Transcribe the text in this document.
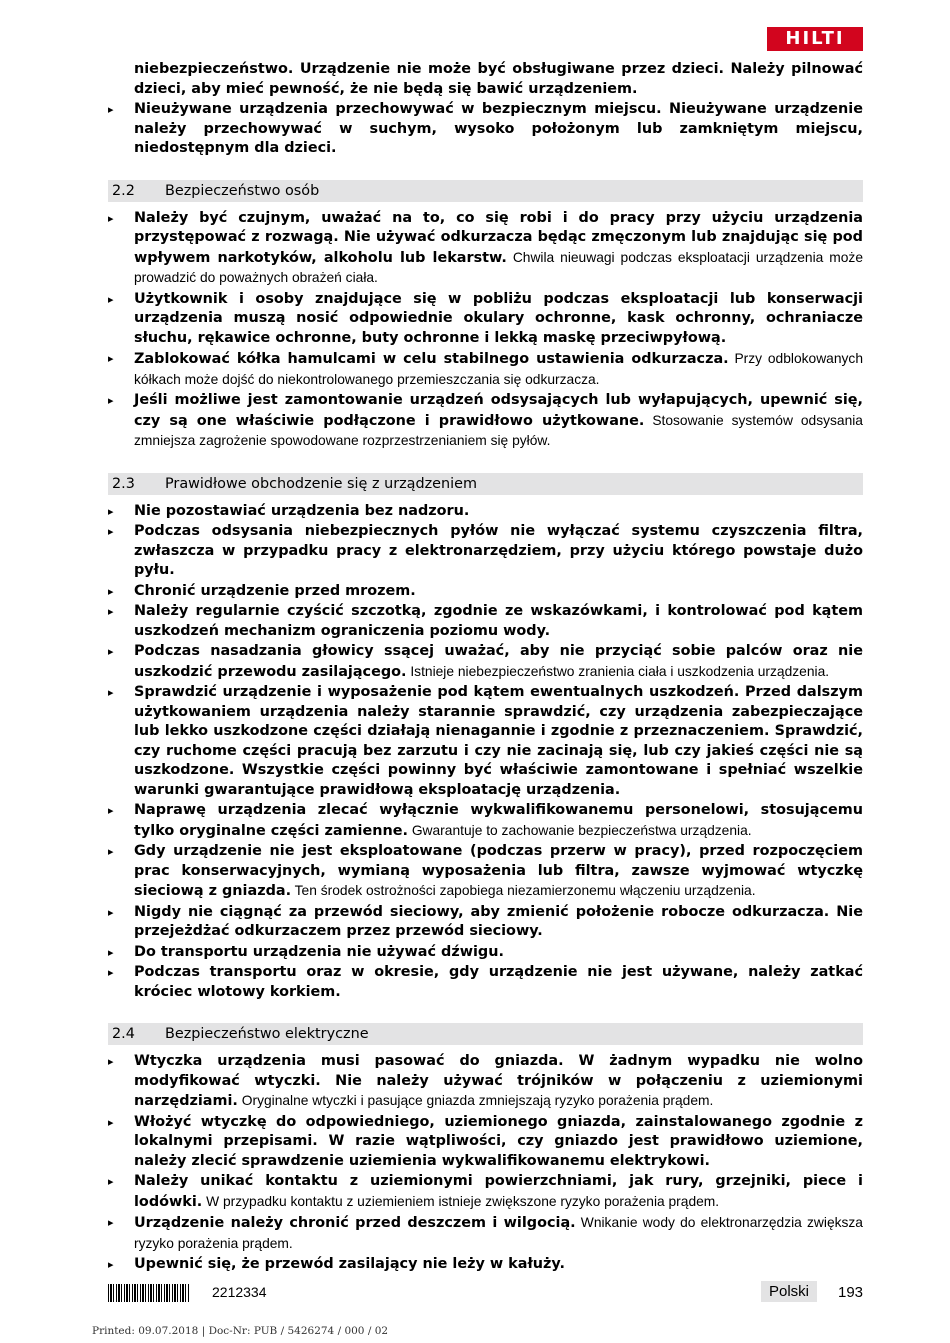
HILTI
niebezpieczeństwo. Urządzenie nie może być obsługiwane przez dzieci. Należy pilnować dzieci, aby mieć pewność, że nie będą się bawić urządzeniem.
▸ Nieużywane urządzenia przechowywać w bezpiecznym miejscu. Nieużywane urządzenie należy przechowywać w suchym, wysoko położonym lub zamkniętym miejscu, niedostępnym dla dzieci.
2.2 Bezpieczeństwo osób
▸ Należy być czujnym, uważać na to, co się robi i do pracy przy użyciu urządzenia przystępować z rozwagą. Nie używać odkurzacza będąc zmęczonym lub znajdując się pod wpływem narkotyków, alkoholu lub lekarstw. Chwila nieuwagi podczas eksploatacji urządzenia może prowadzić do poważnych obrażeń ciała.
▸ Użytkownik i osoby znajdujące się w pobliżu podczas eksploatacji lub konserwacji urządzenia muszą nosić odpowiednie okulary ochronne, kask ochronny, ochraniacze słuchu, rękawice ochronne, buty ochronne i lekką maskę przeciwpyłową.
▸ Zablokować kółka hamulcami w celu stabilnego ustawienia odkurzacza. Przy odblokowanych kółkach może dojść do niekontrolowanego przemieszczania się odkurzacza.
▸ Jeśli możliwe jest zamontowanie urządzeń odsysających lub wyłapujących, upewnić się, czy są one właściwie podłączone i prawidłowo użytkowane. Stosowanie systemów odsysania zmniejsza zagrożenie spowodowane rozprzestrzenianiem się pyłów.
2.3 Prawidłowe obchodzenie się z urządzeniem
▸ Nie pozostawiać urządzenia bez nadzoru.
▸ Podczas odsysania niebezpiecznych pyłów nie wyłączać systemu czyszczenia filtra, zwłaszcza w przypadku pracy z elektronarzędziem, przy użyciu którego powstaje dużo pyłu.
▸ Chronić urządzenie przed mrozem.
▸ Należy regularnie czyścić szczotką, zgodnie ze wskazówkami, i kontrolować pod kątem uszkodzeń mechanizm ograniczenia poziomu wody.
▸ Podczas nasadzania głowicy ssącej uważać, aby nie przyciąć sobie palców oraz nie uszkodzić przewodu zasilającego. Istnieje niebezpieczeństwo zranienia ciała i uszkodzenia urządzenia.
▸ Sprawdzić urządzenie i wyposażenie pod kątem ewentualnych uszkodzeń. Przed dalszym użytkowaniem urządzenia należy starannie sprawdzić, czy urządzenia zabezpieczające lub lekko uszkodzone części działają nienagannie i zgodnie z przeznaczeniem. Sprawdzić, czy ruchome części pracują bez zarzutu i czy nie zacinają się, lub czy jakieś części nie są uszkodzone. Wszystkie części powinny być właściwie zamontowane i spełniać wszelkie warunki gwarantujące prawidłową eksploatację urządzenia.
▸ Naprawę urządzenia zlecać wyłącznie wykwalifikowanemu personelowi, stosującemu tylko oryginalne części zamienne. Gwarantuje to zachowanie bezpieczeństwa urządzenia.
▸ Gdy urządzenie nie jest eksploatowane (podczas przerw w pracy), przed rozpoczęciem prac konserwacyjnych, wymianą wyposażenia lub filtra, zawsze wyjmować wtyczkę sieciową z gniazda. Ten środek ostrożności zapobiega niezamierzonemu włączeniu urządzenia.
▸ Nigdy nie ciągnąć za przewód sieciowy, aby zmienić położenie robocze odkurzacza. Nie przejeżdżać odkurzaczem przez przewód sieciowy.
▸ Do transportu urządzenia nie używać dźwigu.
▸ Podczas transportu oraz w okresie, gdy urządzenie nie jest używane, należy zatkać króciec wlotowy korkiem.
2.4 Bezpieczeństwo elektryczne
▸ Wtyczka urządzenia musi pasować do gniazda. W żadnym wypadku nie wolno modyfikować wtyczki. Nie należy używać trójników w połączeniu z uziemionymi narzędziami. Oryginalne wtyczki i pasujące gniazda zmniejszają ryzyko porażenia prądem.
▸ Włożyć wtyczkę do odpowiedniego, uziemionego gniazda, zainstalowanego zgodnie z lokalnymi przepisami. W razie wątpliwości, czy gniazdo jest prawidłowo uziemione, należy zlecić sprawdzenie uziemienia wykwalifikowanemu elektrykowi.
▸ Należy unikać kontaktu z uziemionymi powierzchniami, jak rury, grzejniki, piece i lodówki. W przypadku kontaktu z uziemieniem istnieje zwiększone ryzyko porażenia prądem.
▸ Urządzenie należy chronić przed deszczem i wilgocią. Wnikanie wody do elektronarzędzia zwiększa ryzyko porażenia prądem.
▸ Upewnić się, że przewód zasilający nie leży w kałuży.
2212334	Polski	193
Printed: 09.07.2018 | Doc-Nr: PUB / 5426274 / 000 / 02
